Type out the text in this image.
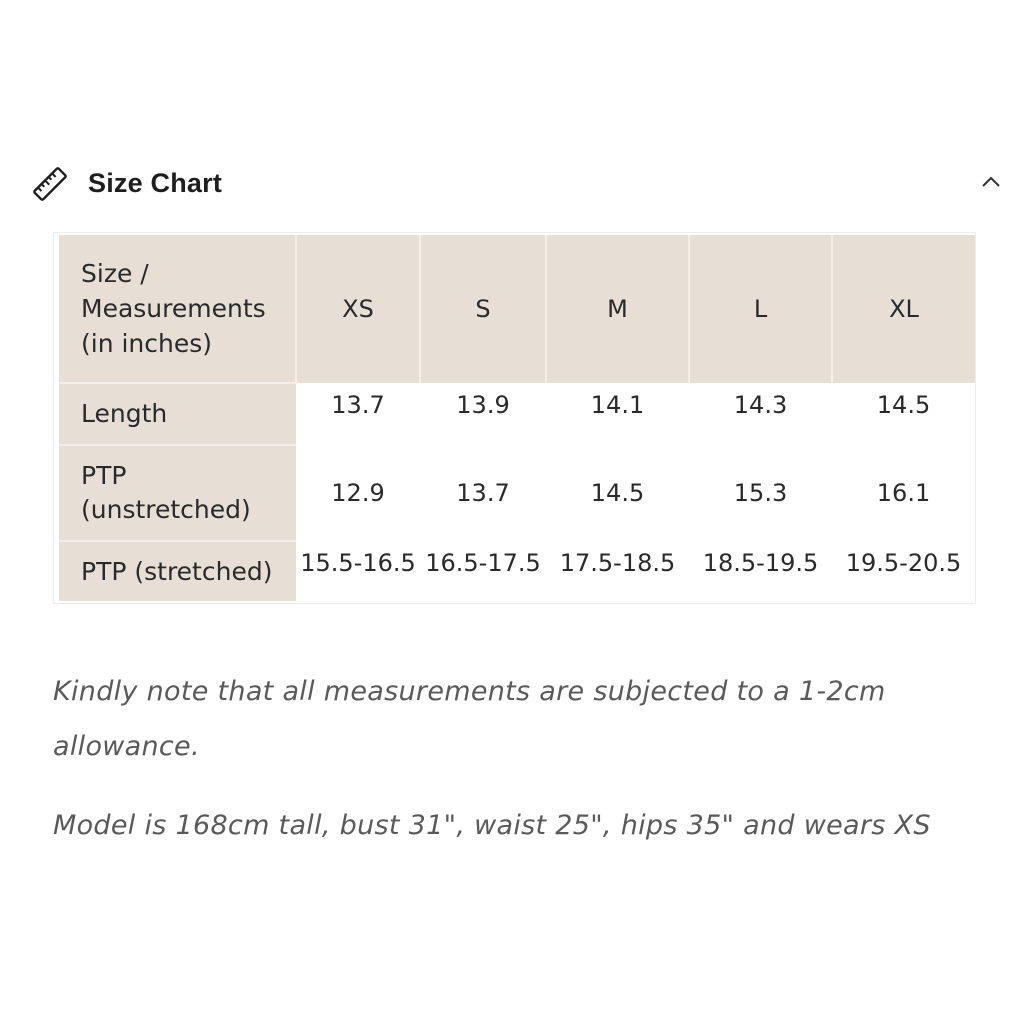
Size Chart
Size /
Measurements
(in inches)	XS	S	M	L	XL

Length	13.7	13.9	14.1	14.3	14.5

PTP
(unstretched)	12.9	13.7	14.5	15.3	16.1

PTP (stretched)	15.5-16.5	16.5-17.5	17.5-18.5	18.5-19.5	19.5-20.5

Kindly note that all measurements are subjected to a 1-2cm allowance.

Model is 168cm tall, bust 31", waist 25", hips 35" and wears XS
